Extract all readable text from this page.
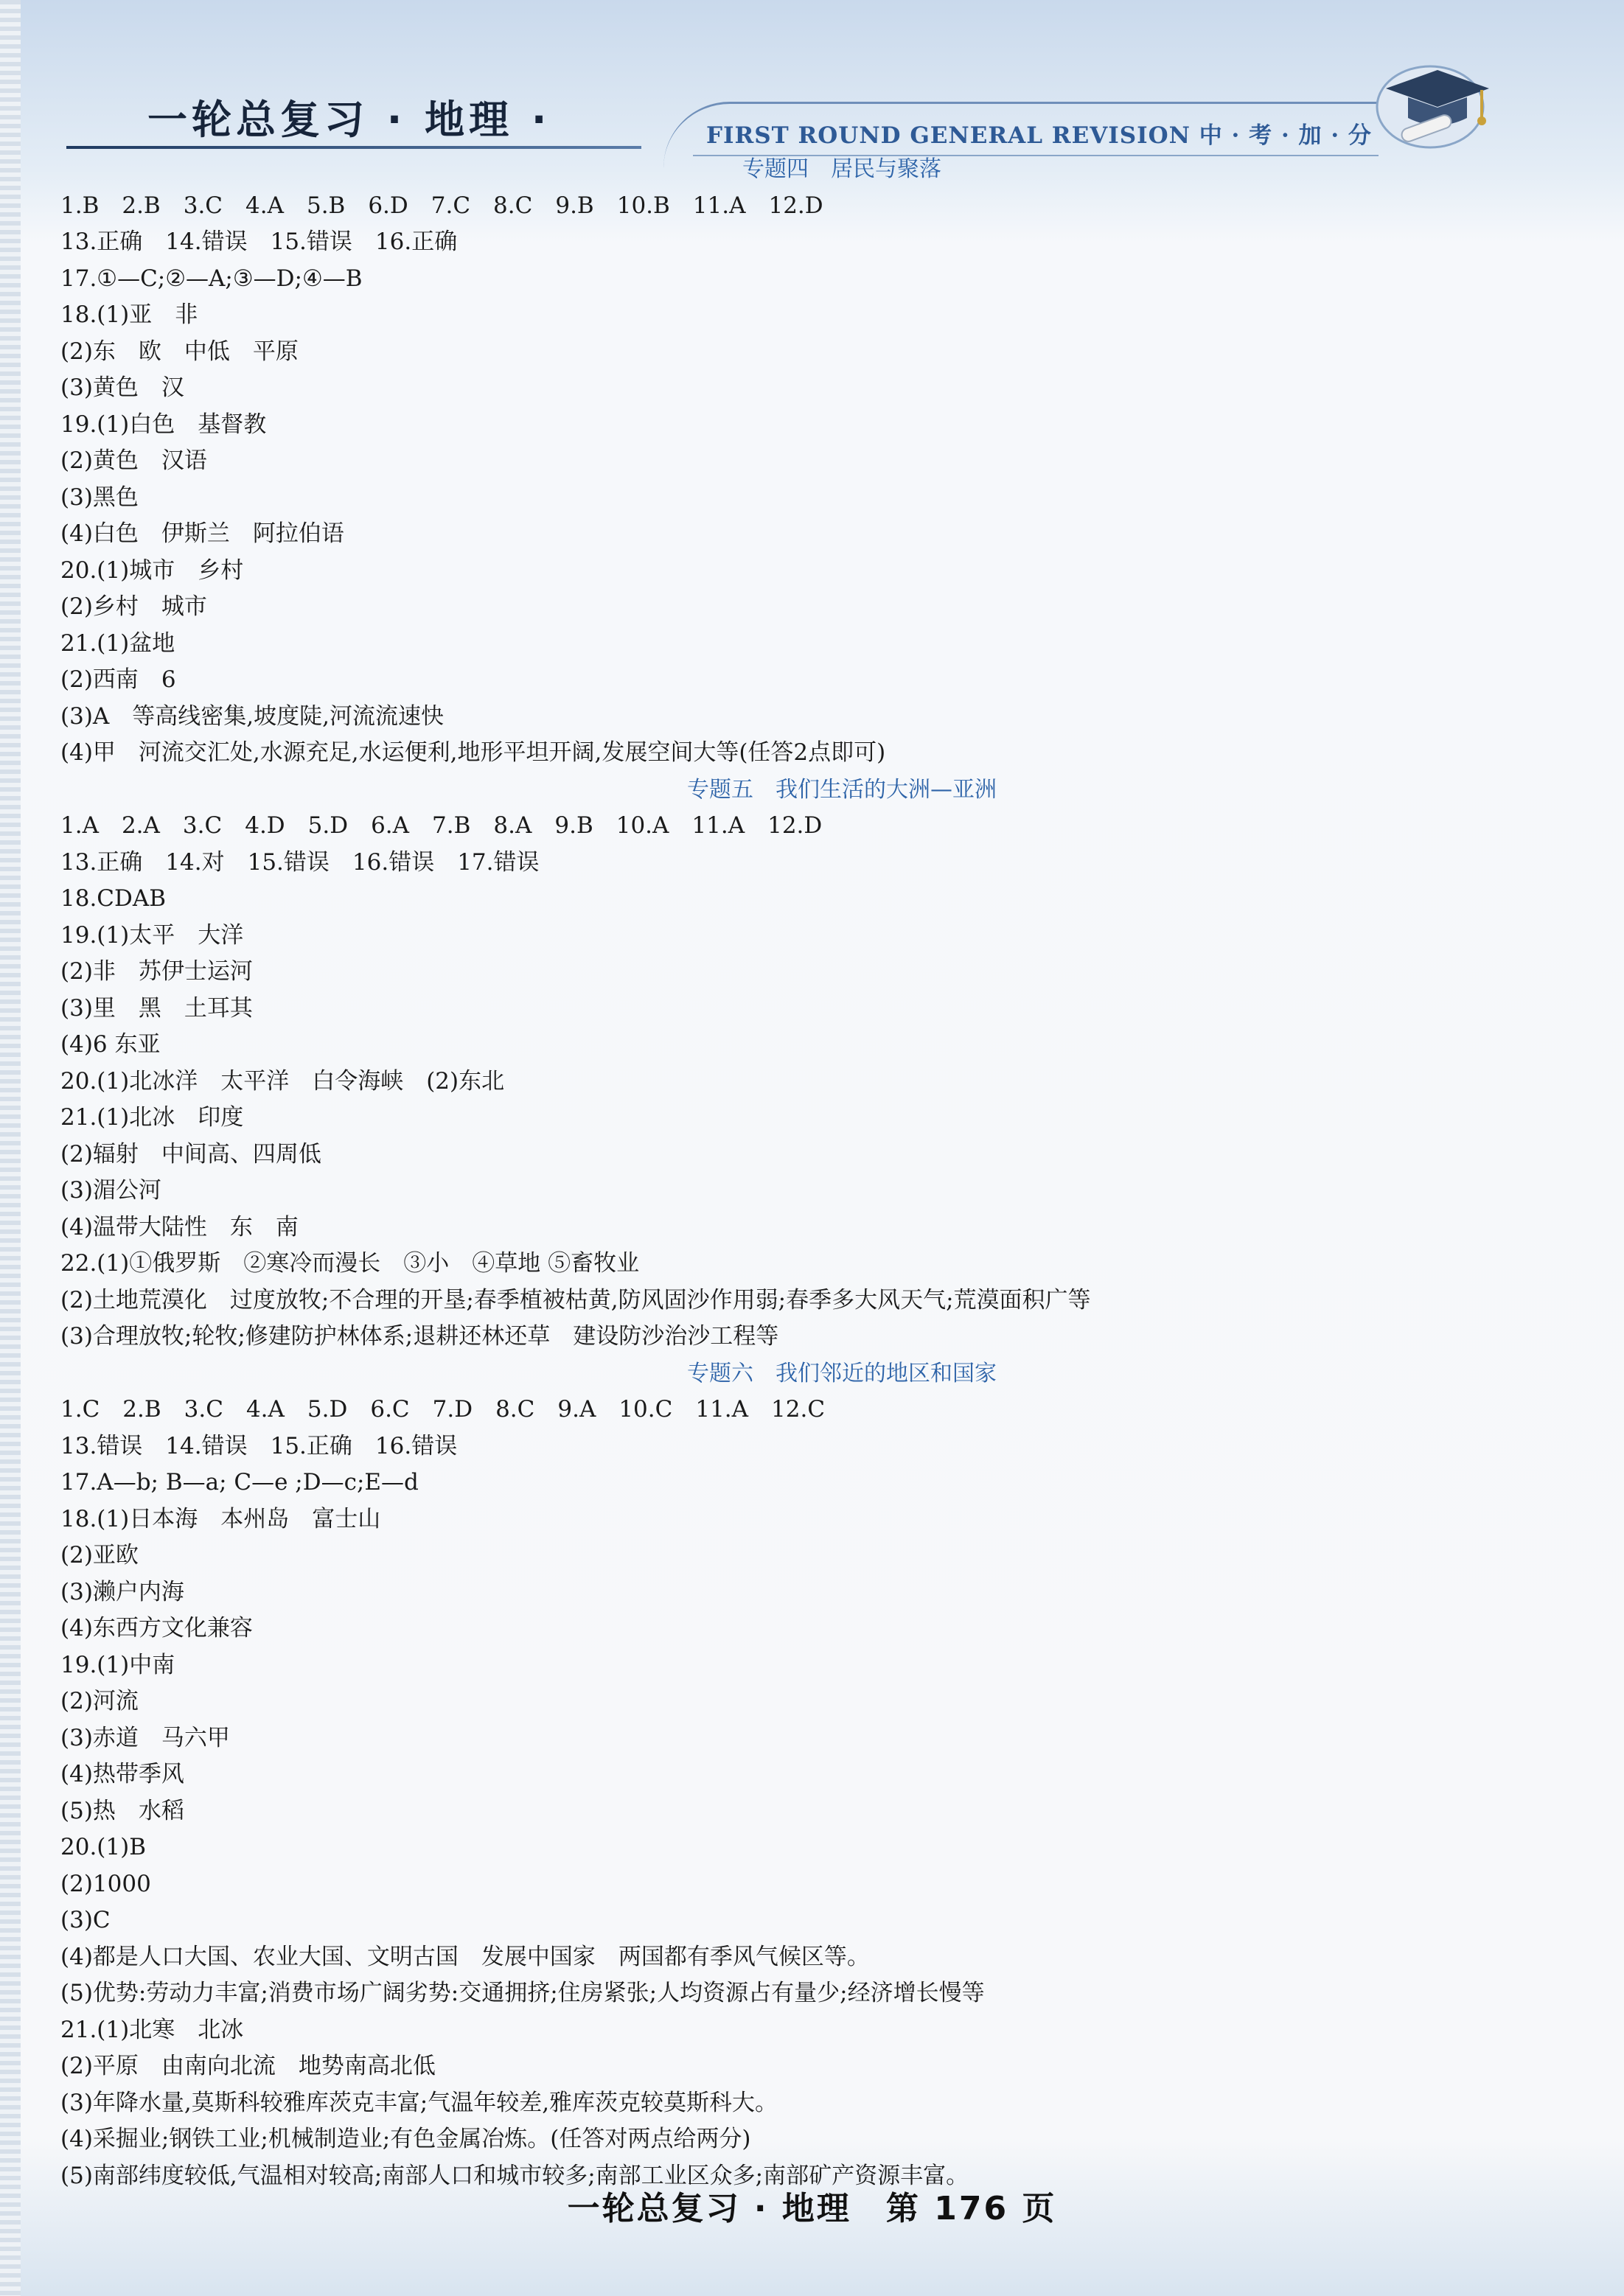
一轮总复习 · 地理 ·	FIRST ROUND GENERAL REVISION 中 · 考 · 加 · 分
专题四　居民与聚落
1.B　2.B　3.C　4.A　5.B　6.D　7.C　8.C　9.B　10.B　11.A　12.D
13.正确　14.错误　15.错误　16.正确
17.①—C;②—A;③—D;④—B
18.(1)亚　非
(2)东　欧　中低　平原
(3)黄色　汉
19.(1)白色　基督教
(2)黄色　汉语
(3)黑色
(4)白色　伊斯兰　阿拉伯语
20.(1)城市　乡村
(2)乡村　城市
21.(1)盆地
(2)西南　6
(3)A　等高线密集,坡度陡,河流流速快
(4)甲　河流交汇处,水源充足,水运便利,地形平坦开阔,发展空间大等(任答2点即可)
专题五　我们生活的大洲—亚洲
1.A　2.A　3.C　4.D　5.D　6.A　7.B　8.A　9.B　10.A　11.A　12.D
13.正确　14.对　15.错误　16.错误　17.错误
18.CDAB
19.(1)太平　大洋
(2)非　苏伊士运河
(3)里　黑　土耳其
(4)6 东亚
20.(1)北冰洋　太平洋　白令海峡　(2)东北
21.(1)北冰　印度
(2)辐射　中间高、四周低
(3)湄公河
(4)温带大陆性　东　南
22.(1)①俄罗斯　②寒冷而漫长　③小　④草地 ⑤畜牧业
(2)土地荒漠化　过度放牧;不合理的开垦;春季植被枯黄,防风固沙作用弱;春季多大风天气;荒漠面积广等
(3)合理放牧;轮牧;修建防护林体系;退耕还林还草　建设防沙治沙工程等
专题六　我们邻近的地区和国家
1.C　2.B　3.C　4.A　5.D　6.C　7.D　8.C　9.A　10.C　11.A　12.C
13.错误　14.错误　15.正确　16.错误
17.A—b; B—a; C—e ;D—c;E—d
18.(1)日本海　本州岛　富士山
(2)亚欧
(3)濑户内海
(4)东西方文化兼容
19.(1)中南
(2)河流
(3)赤道　马六甲
(4)热带季风
(5)热　水稻
20.(1)B
(2)1000
(3)C
(4)都是人口大国、农业大国、文明古国　发展中国家　两国都有季风气候区等。
(5)优势:劳动力丰富;消费市场广阔劣势:交通拥挤;住房紧张;人均资源占有量少;经济增长慢等
21.(1)北寒　北冰
(2)平原　由南向北流　地势南高北低
(3)年降水量,莫斯科较雅库茨克丰富;气温年较差,雅库茨克较莫斯科大。
(4)采掘业;钢铁工业;机械制造业;有色金属冶炼。(任答对两点给两分)
(5)南部纬度较低,气温相对较高;南部人口和城市较多;南部工业区众多;南部矿产资源丰富。
一轮总复习 · 地理　第 176 页
